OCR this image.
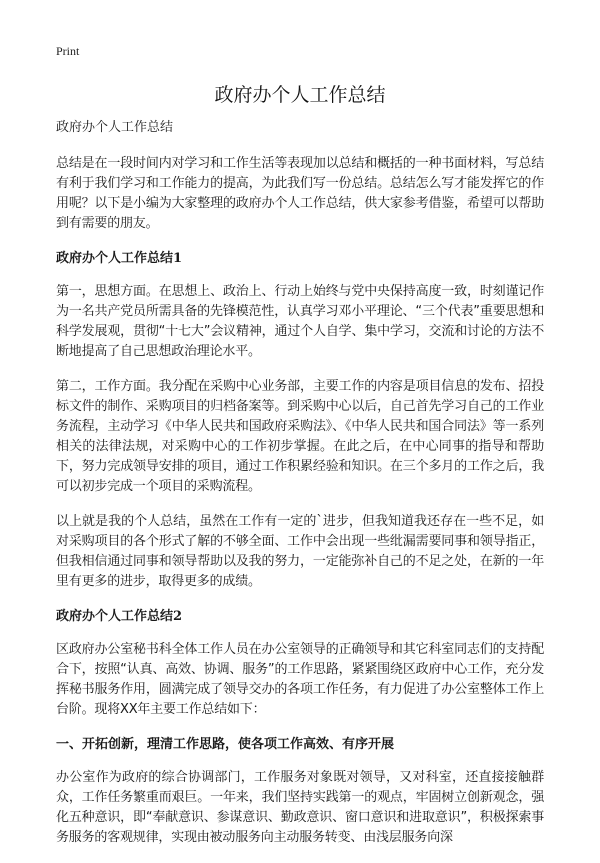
Print
政府办个人工作总结
政府办个人工作总结

总结是在一段时间内对学习和工作生活等表现加以总结和概括的一种书面材料，写总结有利于我们学习和工作能力的提高，为此我们写一份总结。总结怎么写才能发挥它的作用呢？以下是小编为大家整理的政府办个人工作总结，供大家参考借鉴，希望可以帮助到有需要的朋友。

政府办个人工作总结1

第一，思想方面。在思想上、政治上、行动上始终与党中央保持高度一致，时刻谨记作为一名共产党员所需具备的先锋模范性，认真学习邓小平理论、“三个代表”重要思想和科学发展观，贯彻“十七大”会议精神，通过个人自学、集中学习，交流和讨论的方法不断地提高了自己思想政治理论水平。

第二，工作方面。我分配在采购中心业务部，主要工作的内容是项目信息的发布、招投标文件的制作、采购项目的归档备案等。到采购中心以后，自己首先学习自己的工作业务流程，主动学习《中华人民共和国政府采购法》、《中华人民共和国合同法》等一系列相关的法律法规，对采购中心的工作初步掌握。在此之后，在中心同事的指导和帮助下，努力完成领导安排的项目，通过工作积累经验和知识。在三个多月的工作之后，我可以初步完成一个项目的采购流程。

以上就是我的个人总结，虽然在工作有一定的`进步，但我知道我还存在一些不足，如对采购项目的各个形式了解的不够全面、工作中会出现一些纰漏需要同事和领导指正，但我相信通过同事和领导帮助以及我的努力，一定能弥补自己的不足之处，在新的一年里有更多的进步，取得更多的成绩。

政府办个人工作总结2

区政府办公室秘书科全体工作人员在办公室领导的正确领导和其它科室同志们的支持配合下，按照“认真、高效、协调、服务”的工作思路，紧紧围绕区政府中心工作，充分发挥秘书服务作用，圆满完成了领导交办的各项工作任务，有力促进了办公室整体工作上台阶。现将XX年主要工作总结如下：

一、开拓创新，理清工作思路，使各项工作高效、有序开展

办公室作为政府的综合协调部门，工作服务对象既对领导，又对科室，还直接接触群众，工作任务繁重而艰巨。一年来，我们坚持实践第一的观点，牢固树立创新观念，强化五种意识，即“奉献意识、参谋意识、勤政意识、窗口意识和进取意识”，积极探索事务服务的客观规律，实现由被动服务向主动服务转变、由浅层服务向深
